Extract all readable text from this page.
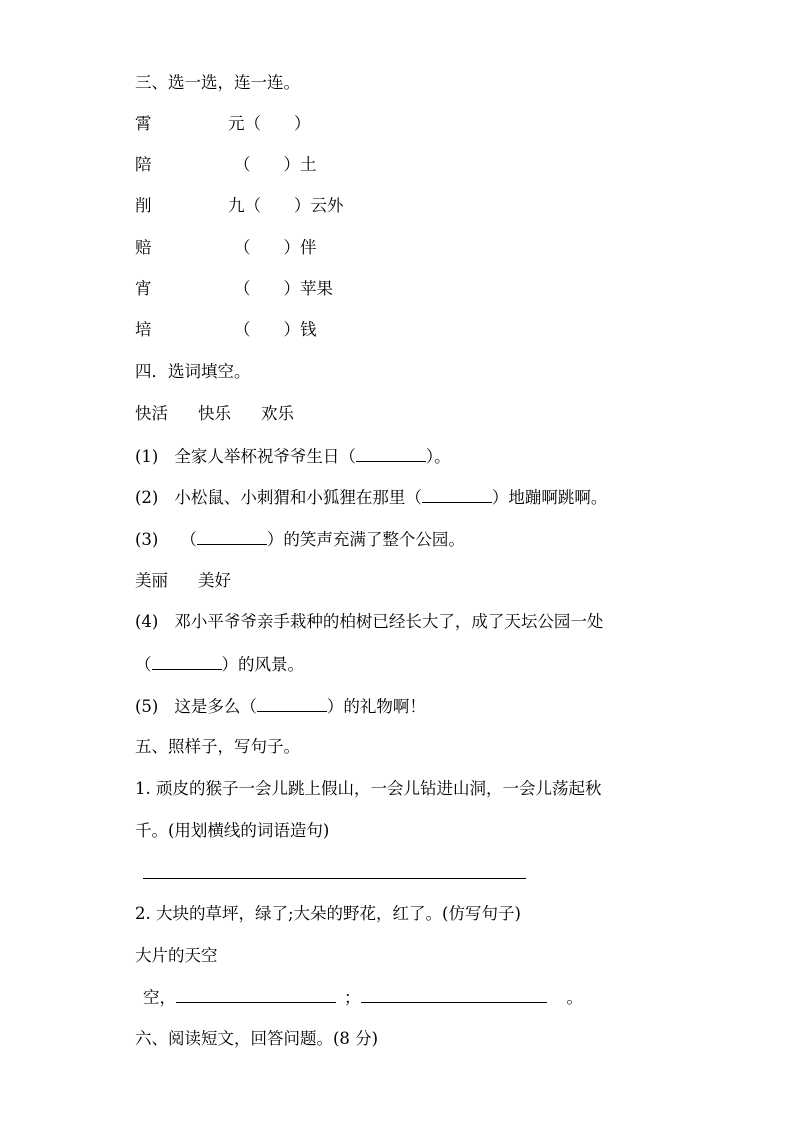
三、选一选，连一连。
霄	元（　　）
陪	（　　）土
削	九（　　）云外
赔	（　　）伴
宵	（　　）苹果
培	（　　）钱
四．选词填空。
快活 快乐 欢乐
(1) 全家人举杯祝爷爷生日（	）。
(2) 小松鼠、小刺猬和小狐狸在那里（	）地蹦啊跳啊。
(3) （	）的笑声充满了整个公园。
美丽 美好
(4) 邓小平爷爷亲手栽种的柏树已经长大了，成了天坛公园一处
（	）的风景。
(5) 这是多么（	）的礼物啊！
五、照样子，写句子。
1. 顽皮的猴子一会儿跳上假山，一会儿钻进山洞，一会儿荡起秋
千。(用划横线的词语造句)
2. 大块的草坪，绿了;大朵的野花，红了。(仿写句子)
大片的天空
空，	；	。
六、阅读短文，回答问题。(8 分)
